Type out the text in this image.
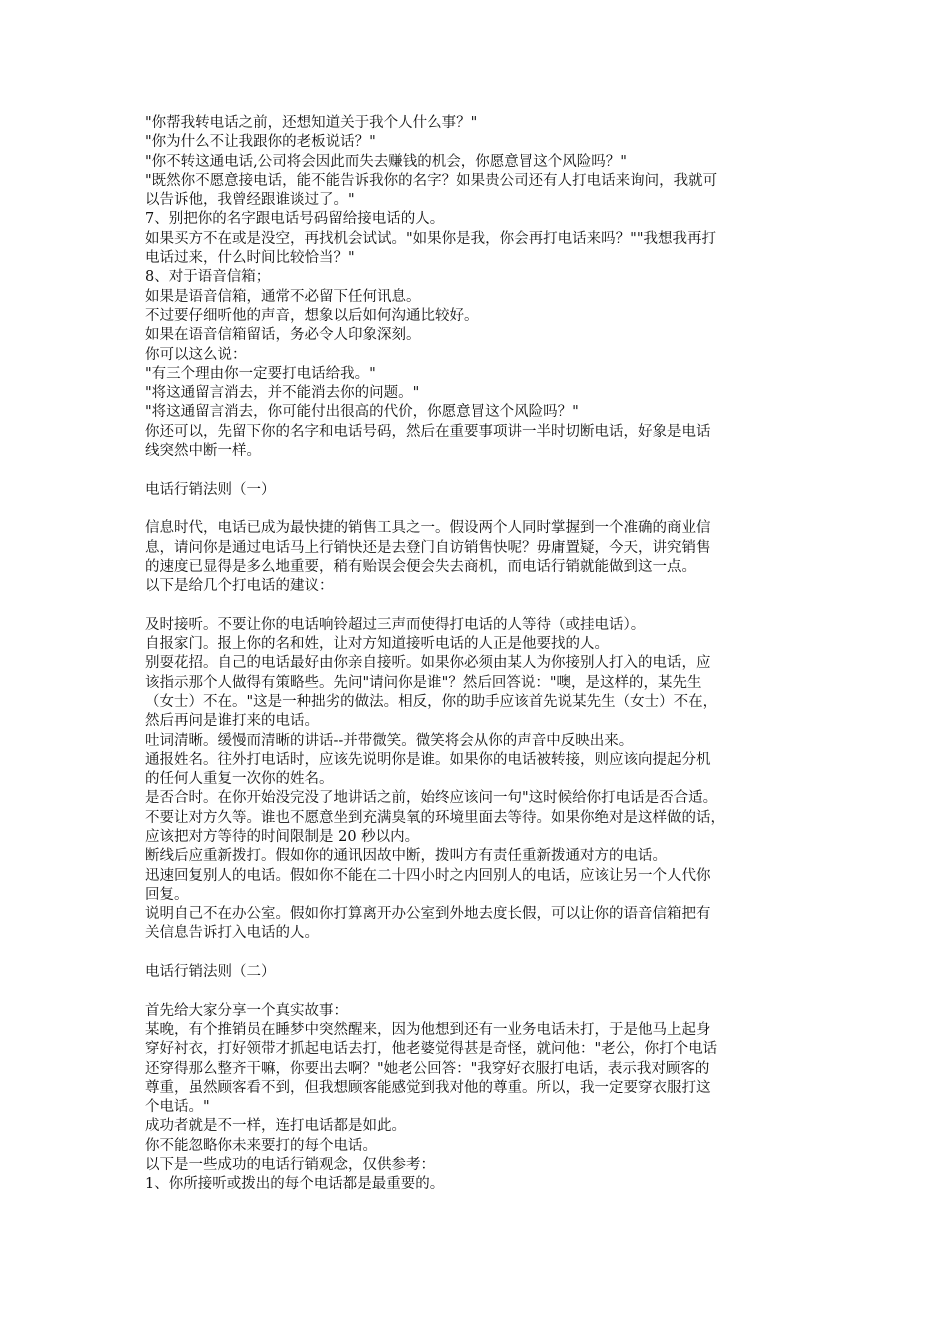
"你帮我转电话之前，还想知道关于我个人什么事？"
"你为什么不让我跟你的老板说话？"
"你不转这通电话,公司将会因此而失去赚钱的机会，你愿意冒这个风险吗？"
"既然你不愿意接电话，能不能告诉我你的名字？如果贵公司还有人打电话来询问，我就可
以告诉他，我曾经跟谁谈过了。"
7、别把你的名字跟电话号码留给接电话的人。
如果买方不在或是没空，再找机会试试。"如果你是我，你会再打电话来吗？""我想我再打
电话过来，什么时间比较恰当？"
8、对于语音信箱；
如果是语音信箱，通常不必留下任何讯息。
不过要仔细听他的声音，想象以后如何沟通比较好。
如果在语音信箱留话，务必令人印象深刻。
你可以这么说：
"有三个理由你一定要打电话给我。"
"将这通留言消去，并不能消去你的问题。"
"将这通留言消去，你可能付出很高的代价，你愿意冒这个风险吗？"
你还可以，先留下你的名字和电话号码，然后在重要事项讲一半时切断电话，好象是电话
线突然中断一样。
电话行销法则（一）
信息时代，电话已成为最快捷的销售工具之一。假设两个人同时掌握到一个准确的商业信
息，请问你是通过电话马上行销快还是去登门自访销售快呢？毋庸置疑，今天，讲究销售
的速度已显得是多么地重要，稍有贻误会便会失去商机，而电话行销就能做到这一点。
以下是给几个打电话的建议：
及时接听。不要让你的电话响铃超过三声而使得打电话的人等待（或挂电话）。
自报家门。报上你的名和姓，让对方知道接听电话的人正是他要找的人。
别耍花招。自己的电话最好由你亲自接听。如果你必须由某人为你接别人打入的电话，应
该指示那个人做得有策略些。先问"请问你是谁"？然后回答说："噢，是这样的，某先生
（女士）不在。"这是一种拙劣的做法。相反，你的助手应该首先说某先生（女士）不在，
然后再问是谁打来的电话。
吐词清晰。缓慢而清晰的讲话--并带微笑。微笑将会从你的声音中反映出来。
通报姓名。往外打电话时，应该先说明你是谁。如果你的电话被转接，则应该向提起分机
的任何人重复一次你的姓名。
是否合时。在你开始没完没了地讲话之前，始终应该问一句"这时候给你打电话是否合适。
不要让对方久等。谁也不愿意坐到充满臭氧的环境里面去等待。如果你绝对是这样做的话，
应该把对方等待的时间限制是 20 秒以内。
断线后应重新拨打。假如你的通讯因故中断，拨叫方有责任重新拨通对方的电话。
迅速回复别人的电话。假如你不能在二十四小时之内回别人的电话，应该让另一个人代你
回复。
说明自己不在办公室。假如你打算离开办公室到外地去度长假，可以让你的语音信箱把有
关信息告诉打入电话的人。
电话行销法则（二）
首先给大家分享一个真实故事：
某晚，有个推销员在睡梦中突然醒来，因为他想到还有一业务电话未打，于是他马上起身
穿好衬衣，打好领带才抓起电话去打，他老婆觉得甚是奇怪，就问他："老公，你打个电话
还穿得那么整齐干嘛，你要出去啊？"她老公回答："我穿好衣服打电话，表示我对顾客的
尊重，虽然顾客看不到，但我想顾客能感觉到我对他的尊重。所以，我一定要穿衣服打这
个电话。"
成功者就是不一样，连打电话都是如此。
你不能忽略你未来要打的每个电话。
以下是一些成功的电话行销观念，仅供参考：
1、你所接听或拨出的每个电话都是最重要的。
